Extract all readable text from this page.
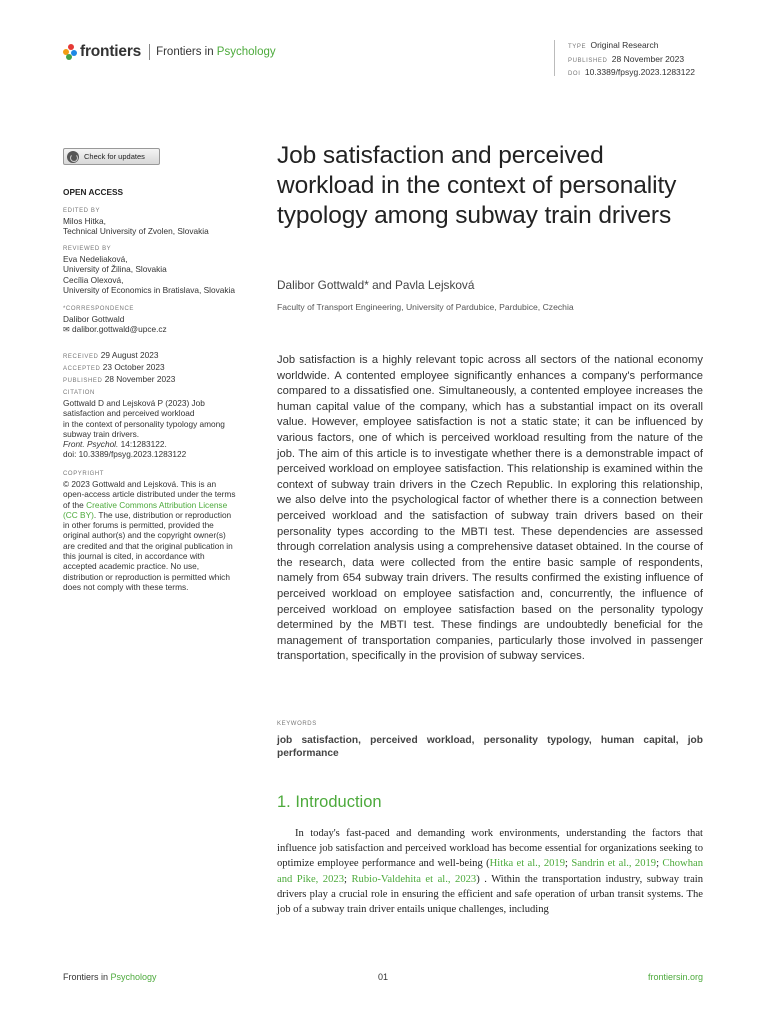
frontiers Frontiers in Psychology	TYPE Original Research
PUBLISHED 28 November 2023
DOI 10.3389/fpsyg.2023.1283122
Check for updates
OPEN ACCESS
EDITED BY
Milos Hitka,
Technical University of Zvolen, Slovakia
REVIEWED BY
Eva Nedeliaková,
University of Žilina, Slovakia
Cecília Olexová,
University of Economics in Bratislava, Slovakia
*CORRESPONDENCE
Dalibor Gottwald
✉ dalibor.gottwald@upce.cz
RECEIVED 29 August 2023
ACCEPTED 23 October 2023
PUBLISHED 28 November 2023
CITATION
Gottwald D and Lejsková P (2023) Job
satisfaction and perceived workload
in the context of personality typology among
subway train drivers.
Front. Psychol. 14:1283122.
doi: 10.3389/fpsyg.2023.1283122
COPYRIGHT
© 2023 Gottwald and Lejsková. This is an
open-access article distributed under the terms
of the Creative Commons Attribution License
(CC BY). The use, distribution or reproduction
in other forums is permitted, provided the
original author(s) and the copyright owner(s)
are credited and that the original publication in
this journal is cited, in accordance with
accepted academic practice. No use,
distribution or reproduction is permitted which
does not comply with these terms.
Job satisfaction and perceived workload in the context of personality typology among subway train drivers
Dalibor Gottwald* and Pavla Lejsková
Faculty of Transport Engineering, University of Pardubice, Pardubice, Czechia

Job satisfaction is a highly relevant topic across all sectors of the national economy worldwide. A contented employee significantly enhances a company's performance compared to a dissatisfied one. Simultaneously, a contented employee increases the human capital value of the company, which has a substantial impact on its overall value. However, employee satisfaction is not a static state; it can be influenced by various factors, one of which is perceived workload resulting from the nature of the job. The aim of this article is to investigate whether there is a demonstrable impact of perceived workload on employee satisfaction. This relationship is examined within the context of subway train drivers in the Czech Republic. In exploring this relationship, we also delve into the psychological factor of whether there is a connection between perceived workload and the satisfaction of subway train drivers based on their personality types according to the MBTI test. These dependencies are assessed through correlation analysis using a comprehensive dataset obtained. In the course of the research, data were collected from the entire basic sample of respondents, namely from 654 subway train drivers. The results confirmed the existing influence of perceived workload on employee satisfaction and, concurrently, the influence of perceived workload on employee satisfaction based on the personality typology determined by the MBTI test. These findings are undoubtedly beneficial for the management of transportation companies, particularly those involved in passenger transportation, specifically in the provision of subway services.

KEYWORDS
job satisfaction, perceived workload, personality typology, human capital, job performance
1. Introduction

In today's fast-paced and demanding work environments, understanding the factors that influence job satisfaction and perceived workload has become essential for organizations seeking to optimize employee performance and well-being (Hitka et al., 2019; Sandrin et al., 2019; Chowhan and Pike, 2023; Rubio-Valdehita et al., 2023) . Within the transportation industry, subway train drivers play a crucial role in ensuring the efficient and safe operation of urban transit systems. The job of a subway train driver entails unique challenges, including

Frontiers in Psychology	01	frontiersin.org
